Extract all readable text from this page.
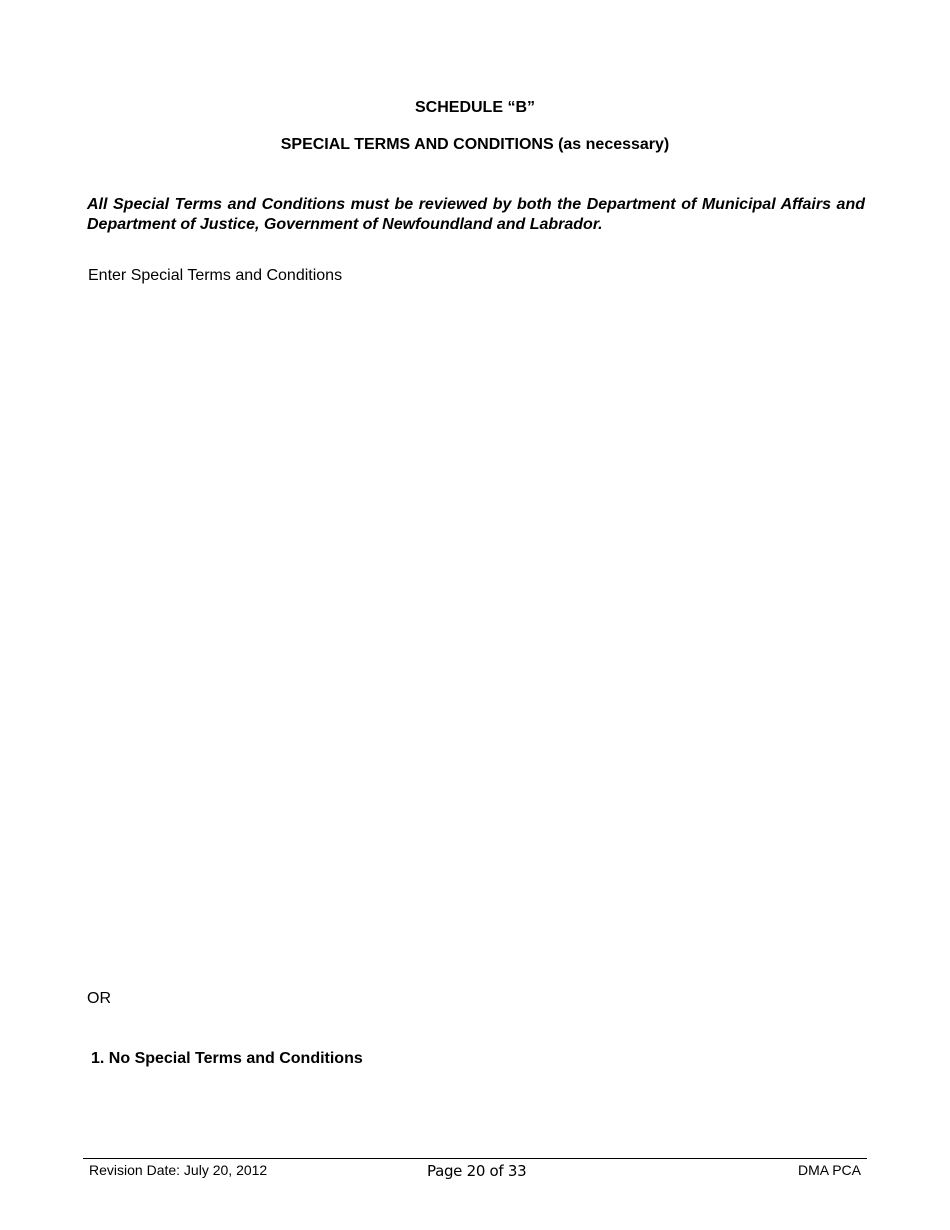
SCHEDULE “B”
SPECIAL TERMS AND CONDITIONS (as necessary)
All Special Terms and Conditions must be reviewed by both the Department of Municipal Affairs and Department of Justice, Government of Newfoundland and Labrador.
Enter Special Terms and Conditions
OR
1. No Special Terms and Conditions
Revision Date: July 20, 2012	Page 20 of 33	DMA PCA
